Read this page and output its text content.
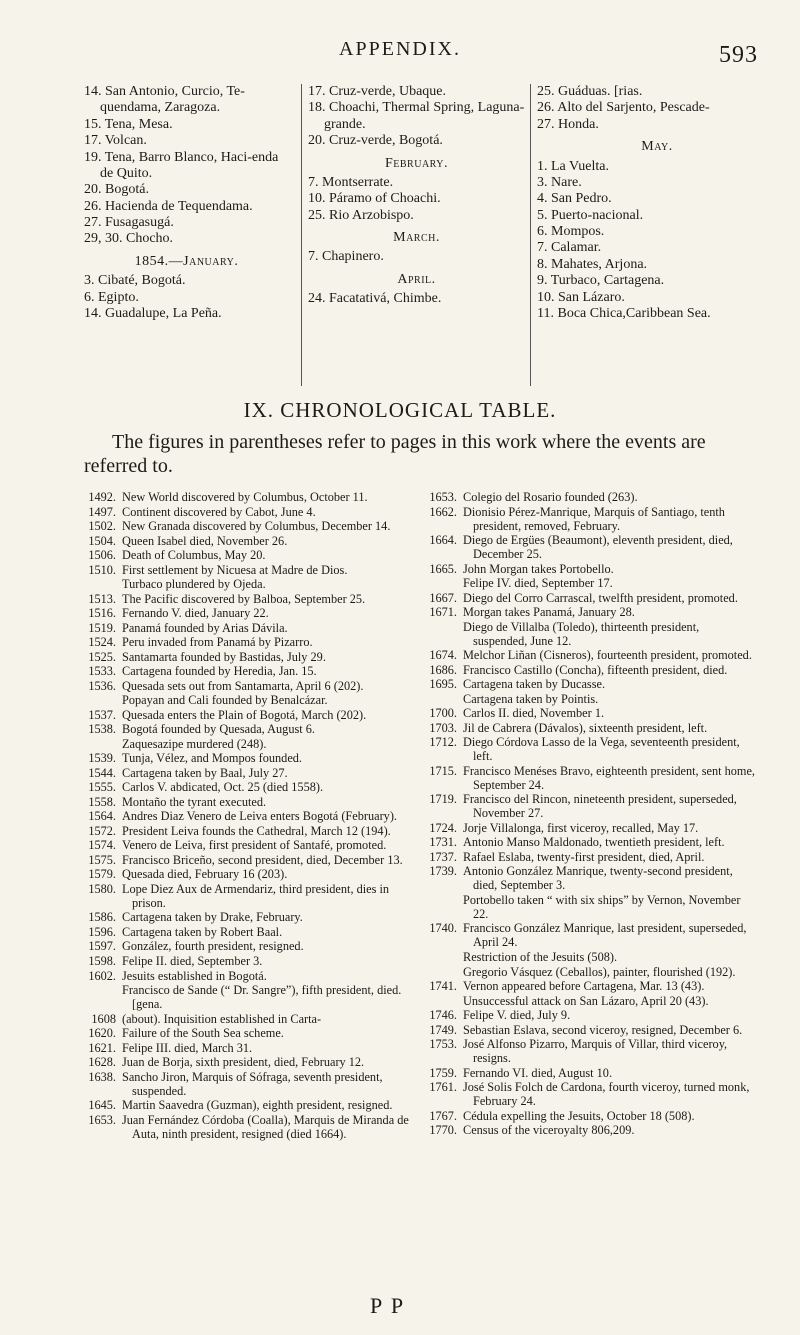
APPENDIX.	593
14. San Antonio, Curcio, Te-quendama, Zaragoza.
15. Tena, Mesa.
17. Volcan.
19. Tena, Barro Blanco, Haci-enda de Quito.
20. Bogotá.
26. Hacienda de Tequendama.
27. Fusagasugá.
29, 30. Chocho.
1854.—January.
3. Cibaté, Bogotá.
6. Egipto.
14. Guadalupe, La Peña.
17. Cruz-verde, Ubaque.
18. Choachi, Thermal Spring, Laguna-grande.
20. Cruz-verde, Bogotá.
February.
7. Montserrate.
10. Páramo of Choachi.
25. Rio Arzobispo.
March.
7. Chapinero.
April.
24. Facatativá, Chimbe.
25. Guáduas. [rias.
26. Alto del Sarjento, Pescade-
27. Honda.
May.
1. La Vuelta.
3. Nare.
4. San Pedro.
5. Puerto-nacional.
6. Mompos.
7. Calamar.
8. Mahates, Arjona.
9. Turbaco, Cartagena.
10. San Lázaro.
11. Boca Chica,Caribbean Sea.
IX. CHRONOLOGICAL TABLE.
The figures in parentheses refer to pages in this work where the events are referred to.
1492. New World discovered by Columbus, October 11.
1497. Continent discovered by Cabot, June 4.
1502. New Granada discovered by Columbus, December 14.
1504. Queen Isabel died, November 26.
1506. Death of Columbus, May 20.
1510. First settlement by Nicuesa at Madre de Dios.
Turbaco plundered by Ojeda.
1513. The Pacific discovered by Balboa, September 25.
1516. Fernando V. died, January 22.
1519. Panamá founded by Arias Dávila.
1524. Peru invaded from Panamá by Pizarro.
1525. Santamarta founded by Bastidas, July 29.
1533. Cartagena founded by Heredia, Jan. 15.
1536. Quesada sets out from Santamarta, April 6 (202).
Popayan and Cali founded by Benalcázar.
1537. Quesada enters the Plain of Bogotá, March (202).
1538. Bogotá founded by Quesada, August 6.
Zaquesazipe murdered (248).
1539. Tunja, Vélez, and Mompos founded.
1544. Cartagena taken by Baal, July 27.
1555. Carlos V. abdicated, Oct. 25 (died 1558).
1558. Montaño the tyrant executed.
1564. Andres Diaz Venero de Leiva enters Bogotá (February).
1572. President Leiva founds the Cathedral, March 12 (194).
1574. Venero de Leiva, first president of Santafé, promoted.
1575. Francisco Briceño, second president, died, December 13.
1579. Quesada died, February 16 (203).
1580. Lope Diez Aux de Armendariz, third president, dies in prison.
1586. Cartagena taken by Drake, February.
1596. Cartagena taken by Robert Baal.
1597. González, fourth president, resigned.
1598. Felipe II. died, September 3.
1602. Jesuits established in Bogotá.
Francisco de Sande (“ Dr. Sangre”), fifth president, died. [gena.
1608 (about). Inquisition established in Carta-
1620. Failure of the South Sea scheme.
1621. Felipe III. died, March 31.
1628. Juan de Borja, sixth president, died, February 12.
1638. Sancho Jiron, Marquis of Sófraga, seventh president, suspended.
1645. Martin Saavedra (Guzman), eighth president, resigned.
1653. Juan Fernández Córdoba (Coalla), Marquis de Miranda de Auta, ninth president, resigned (died 1664).
1653. Colegio del Rosario founded (263).
1662. Dionisio Pérez-Manrique, Marquis of Santiago, tenth president, removed, February.
1664. Diego de Ergües (Beaumont), eleventh president, died, December 25.
1665. John Morgan takes Portobello.
Felipe IV. died, September 17.
1667. Diego del Corro Carrascal, twelfth president, promoted.
1671. Morgan takes Panamá, January 28.
Diego de Villalba (Toledo), thirteenth president, suspended, June 12.
1674. Melchor Liñan (Cisneros), fourteenth president, promoted.
1686. Francisco Castillo (Concha), fifteenth president, died.
1695. Cartagena taken by Ducasse.
Cartagena taken by Pointis.
1700. Carlos II. died, November 1.
1703. Jil de Cabrera (Dávalos), sixteenth president, left.
1712. Diego Córdova Lasso de la Vega, seventeenth president, left.
1715. Francisco Menéses Bravo, eighteenth president, sent home, September 24.
1719. Francisco del Rincon, nineteenth president, superseded, November 27.
1724. Jorje Villalonga, first viceroy, recalled, May 17.
1731. Antonio Manso Maldonado, twentieth president, left.
1737. Rafael Eslaba, twenty-first president, died, April.
1739. Antonio González Manrique, twenty-second president, died, September 3.
Portobello taken “ with six ships” by Vernon, November 22.
1740. Francisco González Manrique, last president, superseded, April 24.
Restriction of the Jesuits (508).
Gregorio Vásquez (Ceballos), painter, flourished (192).
1741. Vernon appeared before Cartagena, Mar. 13 (43).
Unsuccessful attack on San Lázaro, April 20 (43).
1746. Felipe V. died, July 9.
1749. Sebastian Eslava, second viceroy, resigned, December 6.
1753. José Alfonso Pizarro, Marquis of Villar, third viceroy, resigns.
1759. Fernando VI. died, August 10.
1761. José Solis Folch de Cardona, fourth viceroy, turned monk, February 24.
1767. Cédula expelling the Jesuits, October 18 (508).
1770. Census of the viceroyalty 806,209.
P P
